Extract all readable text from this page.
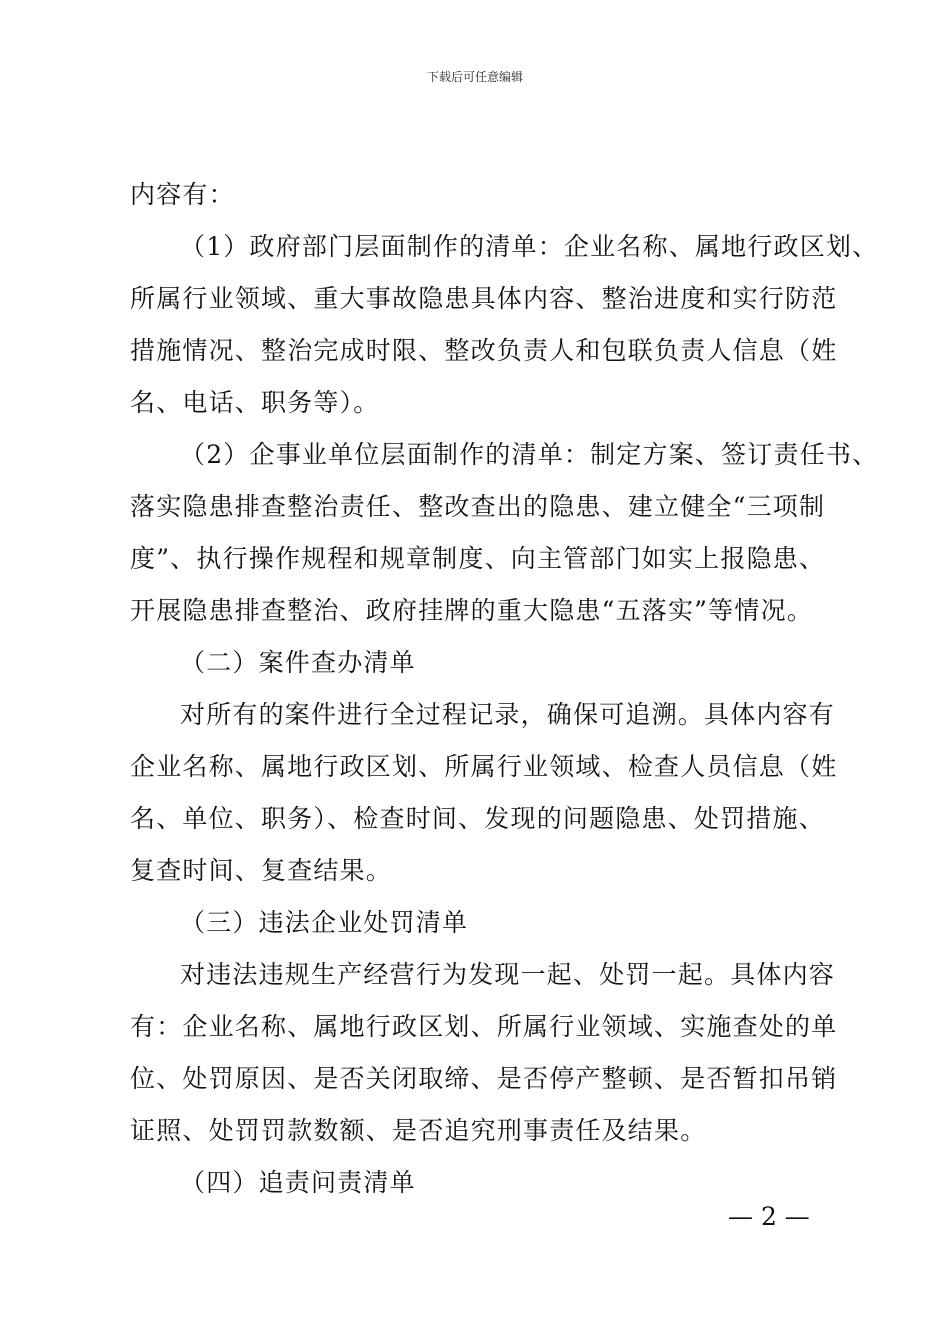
下载后可任意编辑

内容有：

（1）政府部门层面制作的清单：企业名称、属地行政区划、

所属行业领域、重大事故隐患具体内容、整治进度和实行防范

措施情况、整治完成时限、整改负责人和包联负责人信息（姓

名、电话、职务等）。

（2）企事业单位层面制作的清单：制定方案、签订责任书、

落实隐患排查整治责任、整改查出的隐患、建立健全“三项制

度”、执行操作规程和规章制度、向主管部门如实上报隐患、

开展隐患排查整治、政府挂牌的重大隐患“五落实”等情况。

（二）案件查办清单

对所有的案件进行全过程记录，确保可追溯。具体内容有

企业名称、属地行政区划、所属行业领域、检查人员信息（姓

名、单位、职务）、检查时间、发现的问题隐患、处罚措施、

复查时间、复查结果。

（三）违法企业处罚清单

对违法违规生产经营行为发现一起、处罚一起。具体内容

有：企业名称、属地行政区划、所属行业领域、实施查处的单

位、处罚原因、是否关闭取缔、是否停产整顿、是否暂扣吊销

证照、处罚罚款数额、是否追究刑事责任及结果。

（四）追责问责清单

— 2 —
